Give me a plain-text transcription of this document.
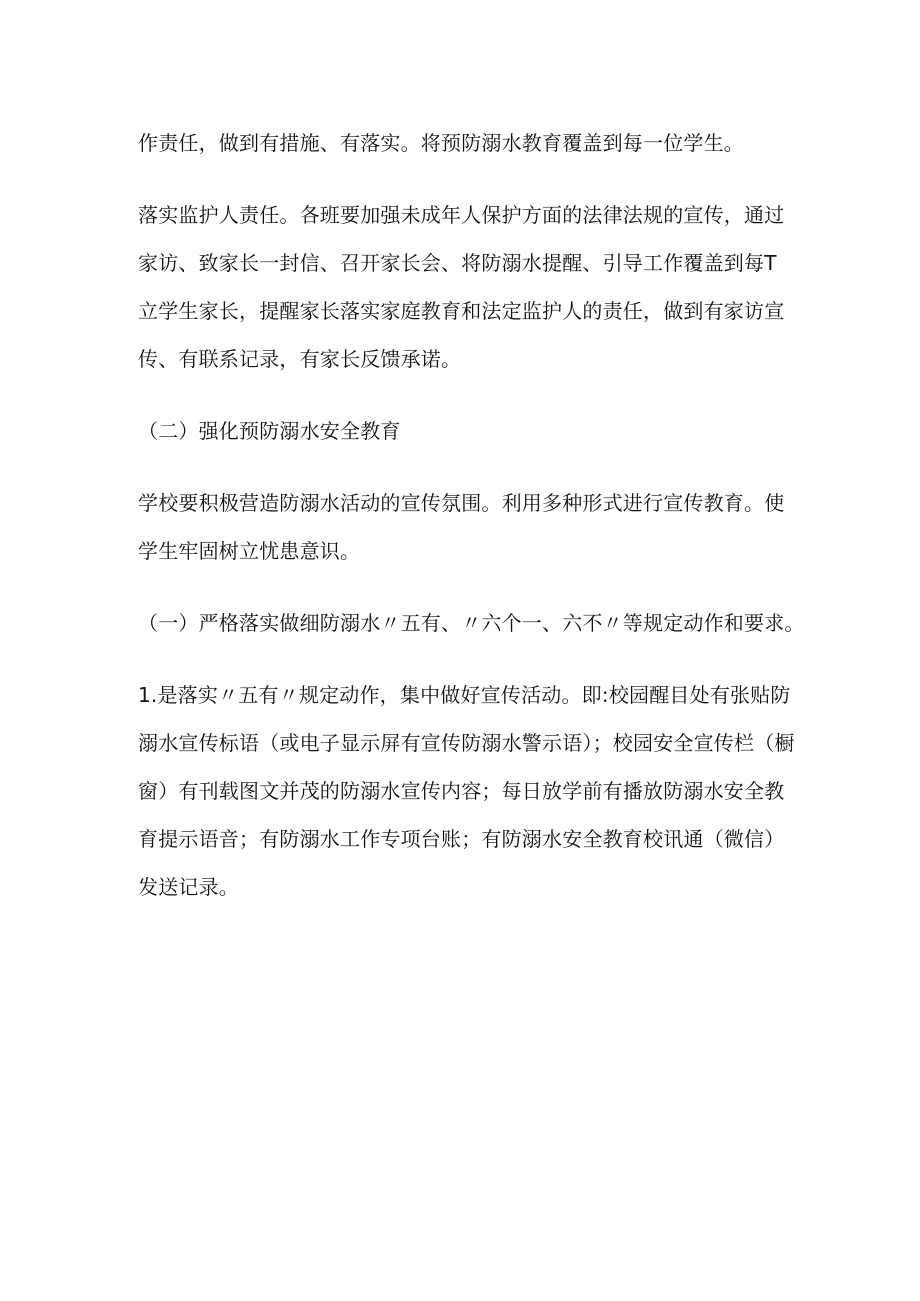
作责任，做到有措施、有落实。将预防溺水教育覆盖到每一位学生。
落实监护人责任。各班要加强未成年人保护方面的法律法规的宣传，通过
家访、致家长一封信、召开家长会、将防溺水提醒、引导工作覆盖到每T
立学生家长，提醒家长落实家庭教育和法定监护人的责任，做到有家访宣
传、有联系记录，有家长反馈承诺。
（二）强化预防溺水安全教育
学校要积极营造防溺水活动的宣传氛围。利用多种形式进行宣传教育。使
学生牢固树立忧患意识。
（一）严格落实做细防溺水〃五有、〃六个一、六不〃等规定动作和要求。
1.是落实〃五有〃规定动作，集中做好宣传活动。即:校园醒目处有张贴防
溺水宣传标语（或电子显示屏有宣传防溺水警示语）；校园安全宣传栏（橱
窗）有刊载图文并茂的防溺水宣传内容；每日放学前有播放防溺水安全教
育提示语音；有防溺水工作专项台账；有防溺水安全教育校讯通（微信）
发送记录。
